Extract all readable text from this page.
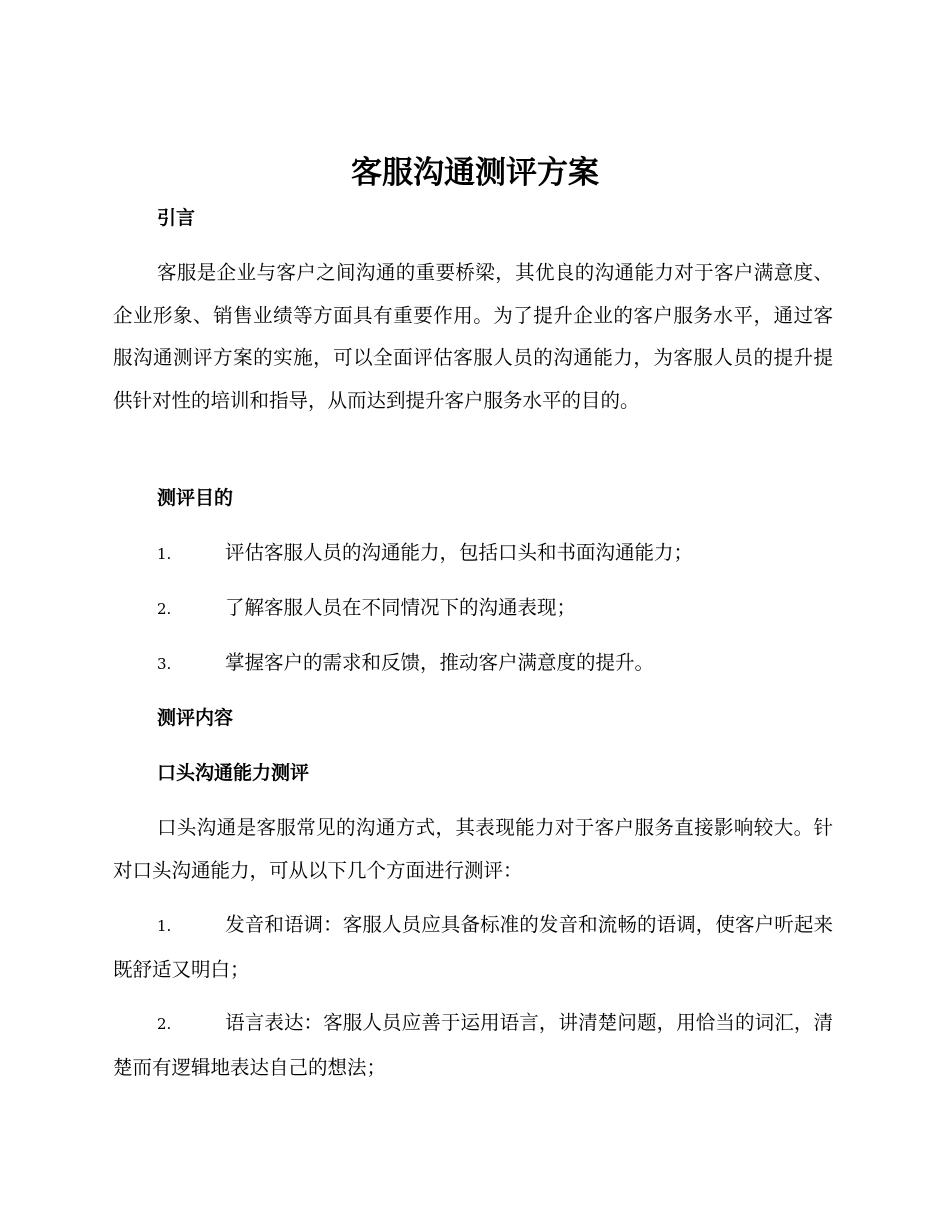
客服沟通测评方案
引言

客服是企业与客户之间沟通的重要桥梁，其优良的沟通能力对于客户满意度、企业形象、销售业绩等方面具有重要作用。为了提升企业的客户服务水平，通过客服沟通测评方案的实施，可以全面评估客服人员的沟通能力，为客服人员的提升提供针对性的培训和指导，从而达到提升客户服务水平的目的。

测评目的
1.	评估客服人员的沟通能力，包括口头和书面沟通能力；
2.	了解客服人员在不同情况下的沟通表现；
3.	掌握客户的需求和反馈，推动客户满意度的提升。
测评内容
口头沟通能力测评

口头沟通是客服常见的沟通方式，其表现能力对于客户服务直接影响较大。针对口头沟通能力，可从以下几个方面进行测评：

1.	发音和语调：客服人员应具备标准的发音和流畅的语调，使客户听起来既舒适又明白；
2.	语言表达：客服人员应善于运用语言，讲清楚问题，用恰当的词汇，清楚而有逻辑地表达自己的想法；
